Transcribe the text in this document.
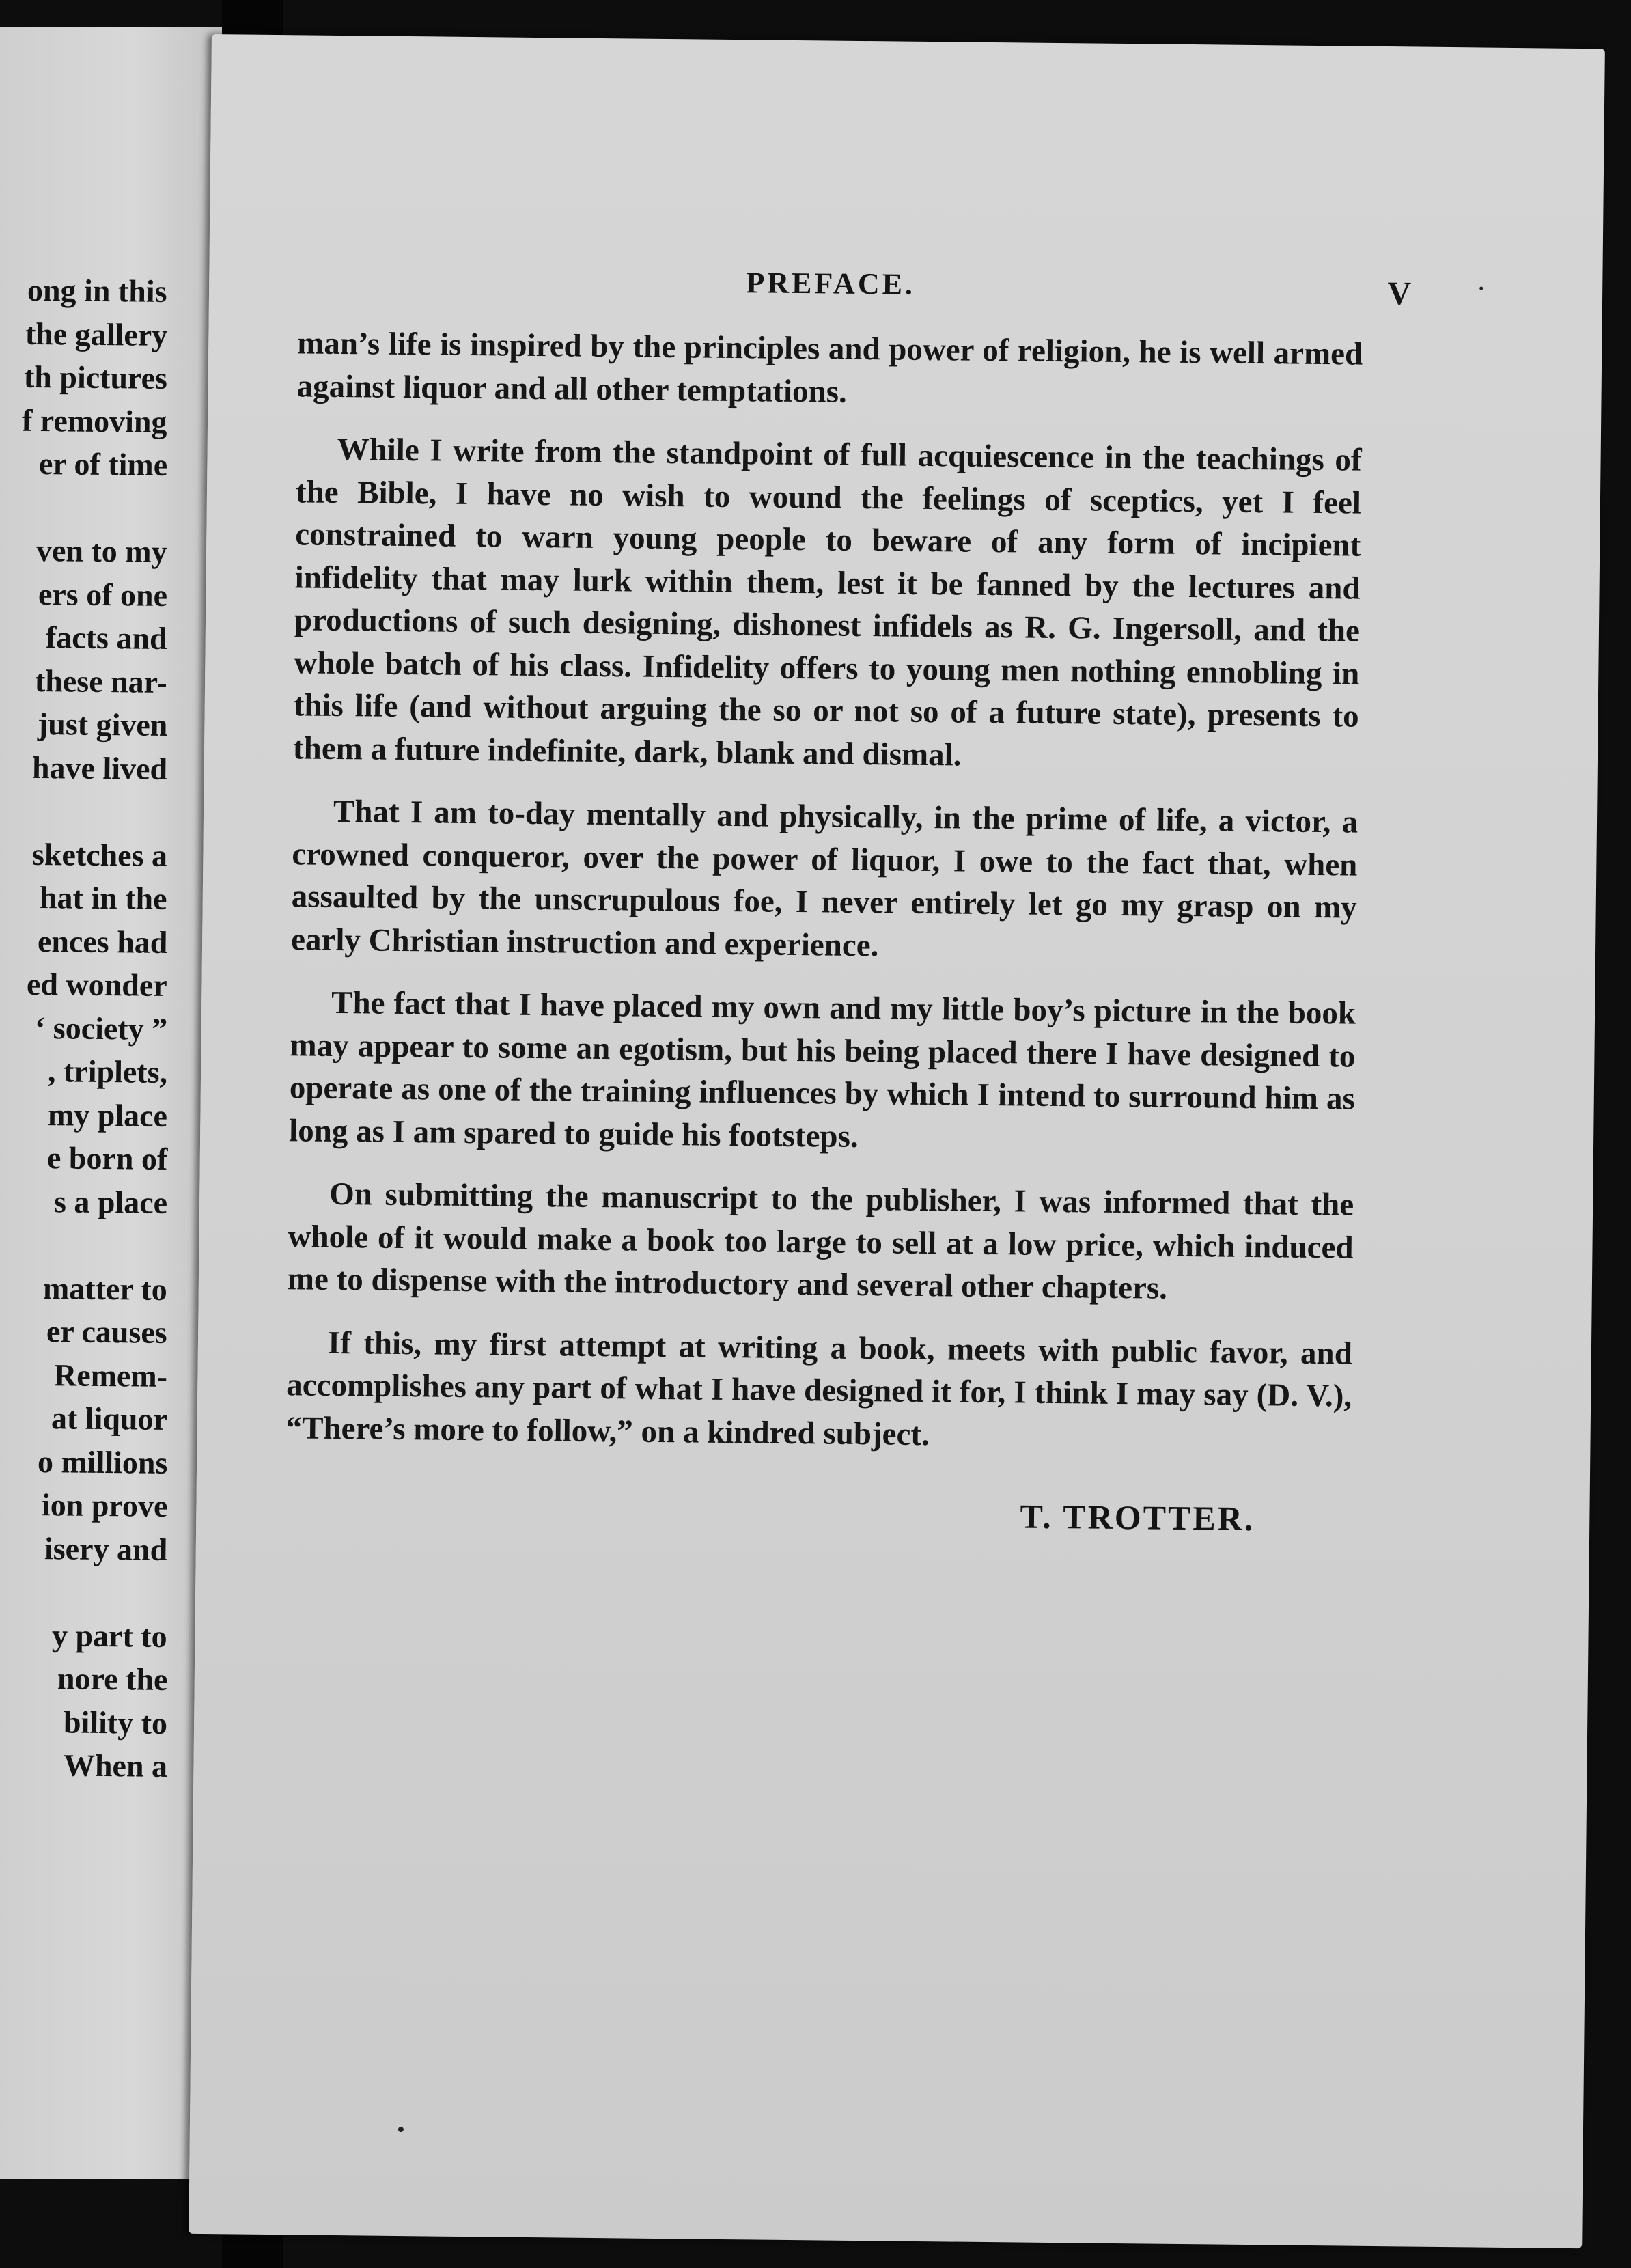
ong in this
the gallery
th pictures
f removing
er of time
ven to my
ers of one
facts and
these nar-
just given
have lived
sketches a
hat in the
ences had
ed wonder
‘ society ”
, triplets,
my place
e born of
s a place
matter to
er causes
Remem-
at liquor
o millions
ion prove
isery and
y part to
nore the
bility to
When a
PREFACE.	V

man’s life is inspired by the principles and power of religion, he is well armed against liquor and all other temptations.

While I write from the standpoint of full acquiescence in the teachings of the Bible, I have no wish to wound the feelings of sceptics, yet I feel constrained to warn young people to beware of any form of incipient infidelity that may lurk within them, lest it be fanned by the lectures and productions of such designing, dishonest infidels as R. G. Ingersoll, and the whole batch of his class. Infidelity offers to young men nothing ennobling in this life (and without arguing the so or not so of a future state), presents to them a future indefinite, dark, blank and dismal.

That I am to-day mentally and physically, in the prime of life, a victor, a crowned conqueror, over the power of liquor, I owe to the fact that, when assaulted by the unscrupulous foe, I never entirely let go my grasp on my early Christian instruction and experience.

The fact that I have placed my own and my little boy’s picture in the book may appear to some an egotism, but his being placed there I have designed to operate as one of the training influences by which I intend to surround him as long as I am spared to guide his footsteps.

On submitting the manuscript to the publisher, I was informed that the whole of it would make a book too large to sell at a low price, which induced me to dispense with the introductory and several other chapters.

If this, my first attempt at writing a book, meets with public favor, and accomplishes any part of what I have designed it for, I think I may say (D. V.), “There’s more to follow,” on a kindred subject.

T. TROTTER.
